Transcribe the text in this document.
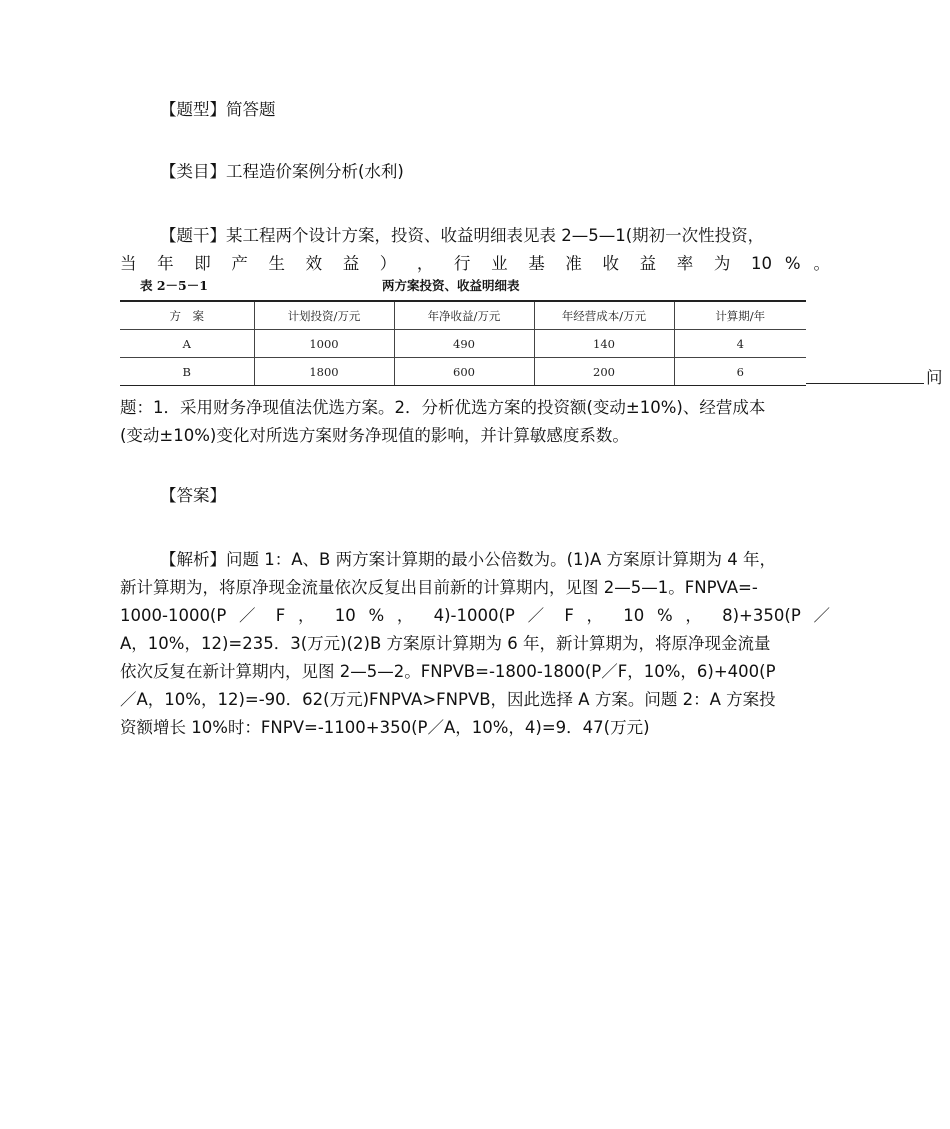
【题型】简答题
【类目】工程造价案例分析(水利)
【题干】某工程两个设计方案，投资、收益明细表见表 2—5—1(期初一次性投资，
当 年 即 产 生 效 益 ） ， 行 业 基 准 收 益 率 为 10 % 。
表 2－5－1	两方案投资、收益明细表
方　案	计划投资/万元	年净收益/万元	年经营成本/万元	计算期/年
A	1000	490	140	4
B	1800	600	200	6	问
题：1．采用财务净现值法优选方案。2．分析优选方案的投资额(变动±10%)、经营成本
(变动±10%)变化对所选方案财务净现值的影响，并计算敏感度系数。
【答案】
【解析】问题 1：A、B 两方案计算期的最小公倍数为。(1)A 方案原计算期为 4 年，
新计算期为，将原净现金流量依次反复出目前新的计算期内，见图 2—5—1。FNPVA=-
1000-1000(P ／ F ， 10 % ， 4)-1000(P ／ F ， 10 % ， 8)+350(P ／
A，10%，12)=235．3(万元)(2)B 方案原计算期为 6 年，新计算期为，将原净现金流量
依次反复在新计算期内，见图 2—5—2。FNPVB=-1800-1800(P／F，10%，6)+400(P
／A，10%，12)=-90．62(万元)FNPVA>FNPVB，因此选择 A 方案。问题 2：A 方案投
资额增长 10%时：FNPV=-1100+350(P／A，10%，4)=9．47(万元)
